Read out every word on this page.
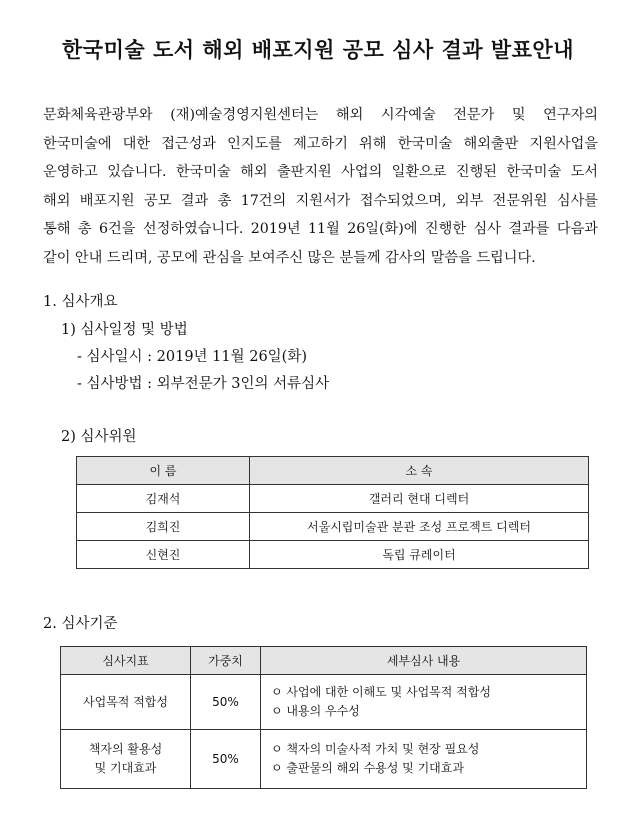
한국미술 도서 해외 배포지원 공모 심사 결과 발표안내
문화체육관광부와 (재)예술경영지원센터는 해외 시각예술 전문가 및 연구자의
한국미술에 대한 접근성과 인지도를 제고하기 위해 한국미술 해외출판 지원사업을
운영하고 있습니다. 한국미술 해외 출판지원 사업의 일환으로 진행된 한국미술 도서
해외 배포지원 공모 결과 총 17건의 지원서가 접수되었으며, 외부 전문위원 심사를
통해 총 6건을 선정하였습니다. 2019년 11월 26일(화)에 진행한 심사 결과를 다음과
같이 안내 드리며, 공모에 관심을 보여주신 많은 분들께 감사의 말씀을 드립니다.
1. 심사개요
1) 심사일정 및 방법
- 심사일시 : 2019년 11월 26일(화)
- 심사방법 : 외부전문가 3인의 서류심사
2) 심사위원
이 름	소 속
김재석	갤러리 현대 디렉터
김희진	서울시립미술관 분관 조성 프로젝트 디렉터
신현진	독립 큐레이터
2. 심사기준
심사지표	가중치	세부심사 내용

사업목적 적합성	50%	ㅇ 사업에 대한 이해도 및 사업목적 적합성
ㅇ 내용의 우수성

책자의 활용성
및 기대효과	50%	ㅇ 책자의 미술사적 가치 및 현장 필요성
ㅇ 출판물의 해외 수용성 및 기대효과
